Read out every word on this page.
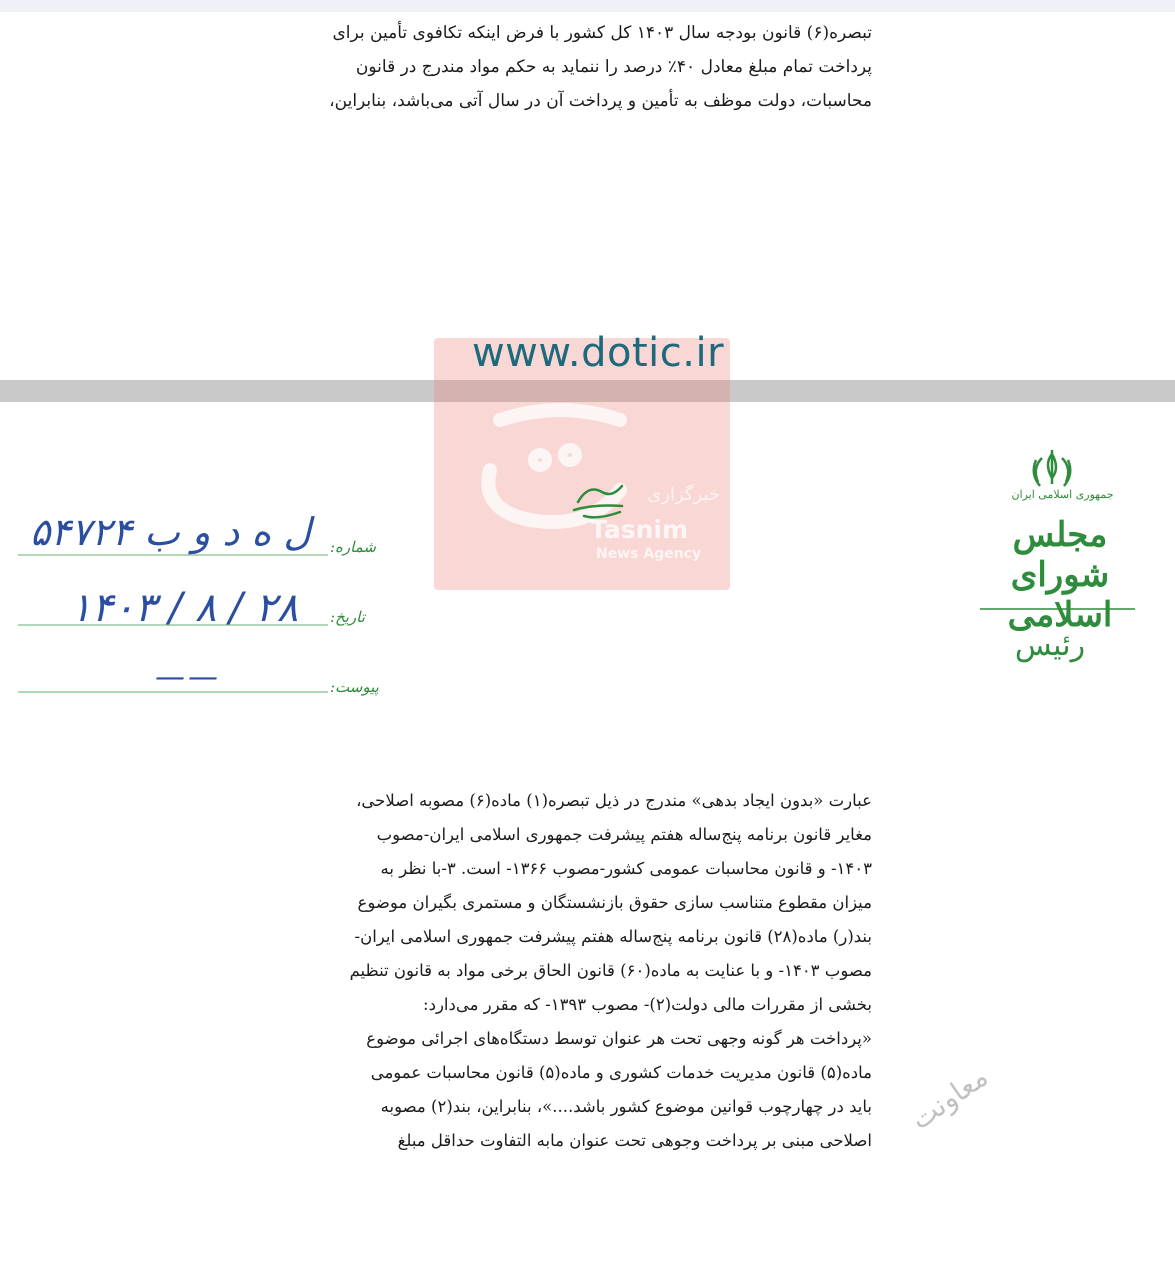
تبصره(۶) قانون بودجه سال ۱۴۰۳ کل کشور با فرض اینکه تکافوی تأمین برای
پرداخت تمام مبلغ معادل ۴۰٪ درصد را ننماید به حکم مواد مندرج در قانون
محاسبات، دولت موظف به تأمین و پرداخت آن در سال آتی می‌باشد، بنابراین،

عبارت «بدون ایجاد بدهی» مندرج در ذیل تبصره(۱) ماده(۶) مصوبه اصلاحی،
مغایر قانون برنامه پنج‌ساله هفتم پیشرفت جمهوری اسلامی ایران-مصوب
۱۴۰۳- و قانون محاسبات عمومی کشور-مصوب ۱۳۶۶- است. ۳-با نظر به
میزان مقطوع متناسب سازی حقوق بازنشستگان و مستمری بگیران موضوع
بند(ر) ماده(۲۸) قانون برنامه پنج‌ساله هفتم پیشرفت جمهوری اسلامی ایران-
مصوب ۱۴۰۳- و با عنایت به ماده(۶۰) قانون الحاق برخی مواد به قانون تنظیم
بخشی از مقررات مالی دولت(۲)- مصوب ۱۳۹۳- که مقرر می‌دارد:
«پرداخت هر گونه وجهی تحت هر عنوان توسط دستگاه‌های اجرائی موضوع
ماده(۵) قانون مدیریت خدمات کشوری و ماده(۵) قانون محاسبات عمومی
باید در چهارچوب قوانین موضوع کشور باشد....»، بنابراین، بند(۲) مصوبه
اصلاحی مبنی بر پرداخت وجوهی تحت عنوان مابه التفاوت حداقل مبلغ

جمهوری اسلامی ایران
مجلس شورای اسلامی
رئیس
شماره:
تاریخ:
پیوست:
۵۴۷۲۴ ل ه د و ب
۱۴۰۳ / ۸ / ۲۸
——
www.dotic.ir
خبرگزاری
Tasnim
News Agency
معاونت
